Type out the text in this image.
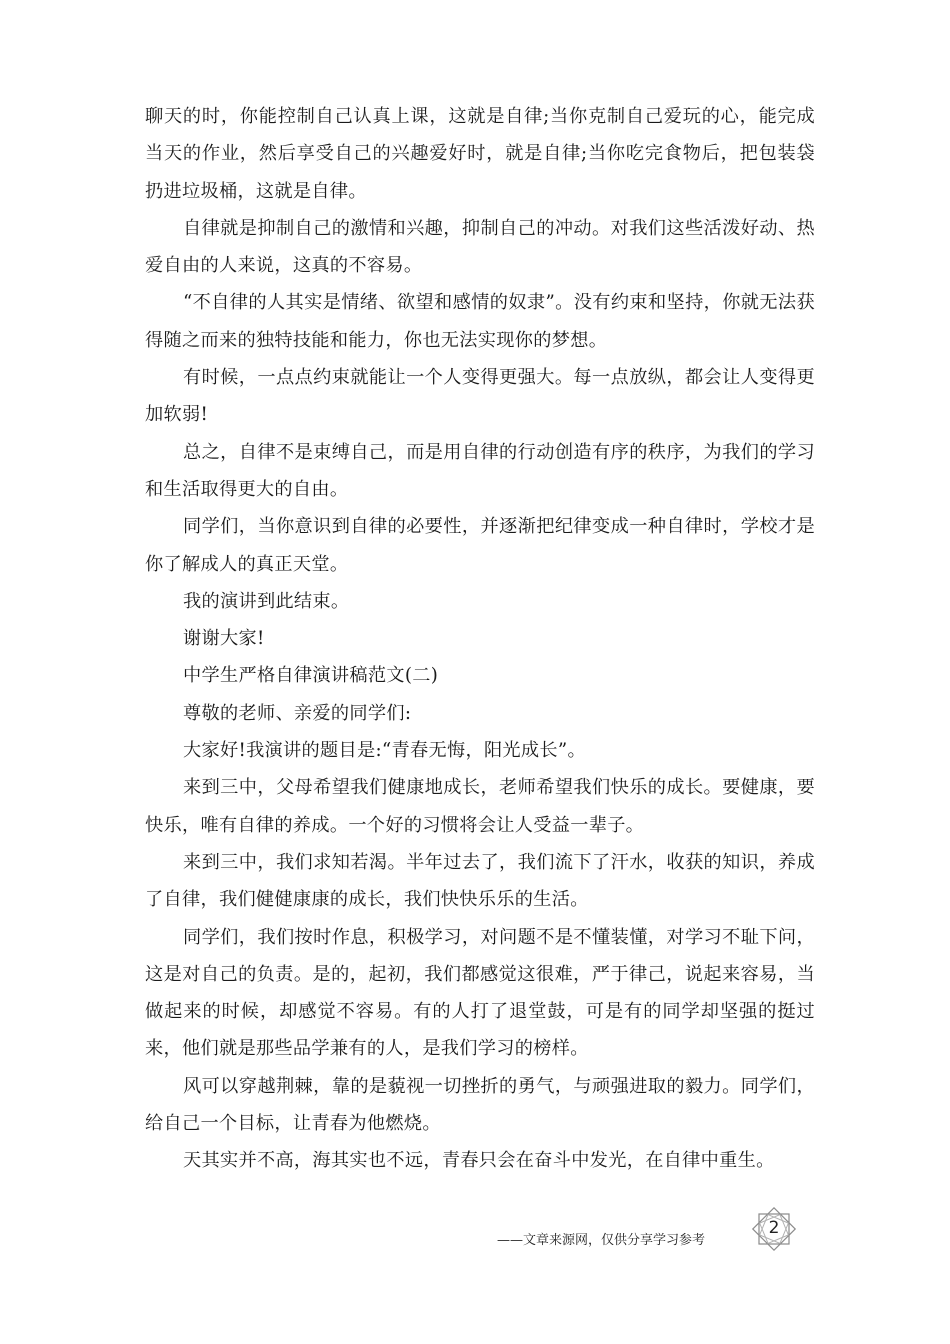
聊天的时，你能控制自己认真上课，这就是自律;当你克制自己爱玩的心，能完成当天的作业，然后享受自己的兴趣爱好时，就是自律;当你吃完食物后，把包装袋扔进垃圾桶，这就是自律。

自律就是抑制自己的激情和兴趣，抑制自己的冲动。对我们这些活泼好动、热爱自由的人来说，这真的不容易。

“不自律的人其实是情绪、欲望和感情的奴隶”。没有约束和坚持，你就无法获得随之而来的独特技能和能力，你也无法实现你的梦想。

有时候，一点点约束就能让一个人变得更强大。每一点放纵，都会让人变得更加软弱!

总之，自律不是束缚自己，而是用自律的行动创造有序的秩序，为我们的学习和生活取得更大的自由。

同学们，当你意识到自律的必要性，并逐渐把纪律变成一种自律时，学校才是你了解成人的真正天堂。

我的演讲到此结束。

谢谢大家!

中学生严格自律演讲稿范文(二)

尊敬的老师、亲爱的同学们:

大家好!我演讲的题目是:“青春无悔，阳光成长”。

来到三中，父母希望我们健康地成长，老师希望我们快乐的成长。要健康，要快乐，唯有自律的养成。一个好的习惯将会让人受益一辈子。

来到三中，我们求知若渴。半年过去了，我们流下了汗水，收获的知识，养成了自律，我们健健康康的成长，我们快快乐乐的生活。

同学们，我们按时作息，积极学习，对问题不是不懂装懂，对学习不耻下问，这是对自己的负责。是的，起初，我们都感觉这很难，严于律己，说起来容易，当做起来的时候，却感觉不容易。有的人打了退堂鼓，可是有的同学却坚强的挺过来，他们就是那些品学兼有的人，是我们学习的榜样。

风可以穿越荆棘，靠的是藐视一切挫折的勇气，与顽强进取的毅力。同学们，给自己一个目标，让青春为他燃烧。

天其实并不高，海其实也不远，青春只会在奋斗中发光，在自律中重生。

——文章来源网，仅供分享学习参考
2
